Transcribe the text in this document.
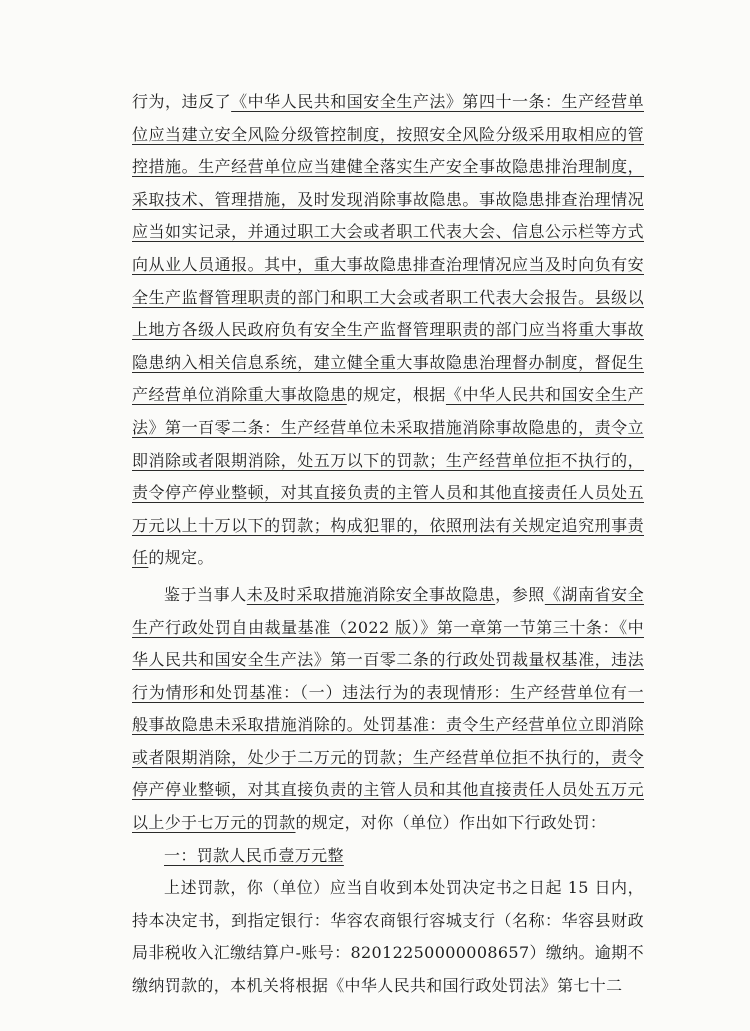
行为，违反了《中华人民共和国安全生产法》第四十一条：生产经营单位应当建立安全风险分级管控制度，按照安全风险分级采用取相应的管控措施。生产经营单位应当建健全落实生产安全事故隐患排治理制度，采取技术、管理措施，及时发现消除事故隐患。事故隐患排查治理情况应当如实记录，并通过职工大会或者职工代表大会、信息公示栏等方式向从业人员通报。其中，重大事故隐患排查治理情况应当及时向负有安全生产监督管理职责的部门和职工大会或者职工代表大会报告。县级以上地方各级人民政府负有安全生产监督管理职责的部门应当将重大事故隐患纳入相关信息系统，建立健全重大事故隐患治理督办制度，督促生产经营单位消除重大事故隐患的规定，根据《中华人民共和国安全生产法》第一百零二条：生产经营单位未采取措施消除事故隐患的，责令立即消除或者限期消除，处五万以下的罚款；生产经营单位拒不执行的，责令停产停业整顿，对其直接负责的主管人员和其他直接责任人员处五万元以上十万以下的罚款；构成犯罪的，依照刑法有关规定追究刑事责任的规定。

鉴于当事人未及时采取措施消除安全事故隐患，参照《湖南省安全生产行政处罚自由裁量基准（2022 版）》第一章第一节第三十条：《中华人民共和国安全生产法》第一百零二条的行政处罚裁量权基准，违法行为情形和处罚基准：（一）违法行为的表现情形：生产经营单位有一般事故隐患未采取措施消除的。处罚基准：责令生产经营单位立即消除或者限期消除，处少于二万元的罚款；生产经营单位拒不执行的，责令停产停业整顿，对其直接负责的主管人员和其他直接责任人员处五万元以上少于七万元的罚款的规定，对你（单位）作出如下行政处罚：

一：罚款人民币壹万元整

上述罚款，你（单位）应当自收到本处罚决定书之日起 15 日内，持本决定书，到指定银行：华容农商银行容城支行（名称：华容县财政局非税收入汇缴结算户-账号：82012250000008657）缴纳。逾期不缴纳罚款的，本机关将根据《中华人民共和国行政处罚法》第七十二
